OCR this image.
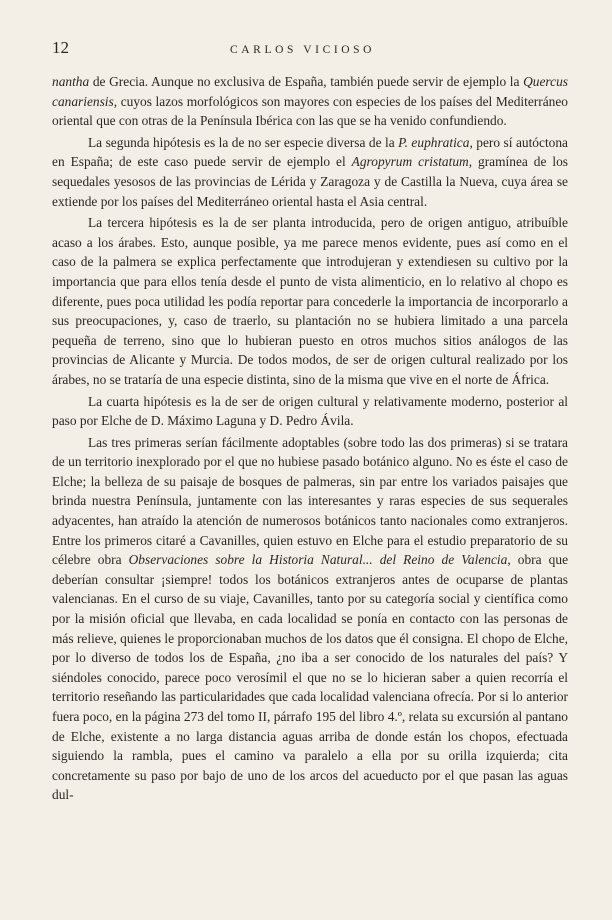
12	CARLOS VICIOSO

nantha de Grecia. Aunque no exclusiva de España, también puede servir de ejemplo la Quercus canariensis, cuyos lazos morfológicos son mayores con especies de los países del Mediterráneo oriental que con otras de la Península Ibérica con las que se ha venido confundiendo.

La segunda hipótesis es la de no ser especie diversa de la P. euphratica, pero sí autóctona en España; de este caso puede servir de ejemplo el Agropyrum cristatum, gramínea de los sequedales yesosos de las provincias de Lérida y Zaragoza y de Castilla la Nueva, cuya área se extiende por los países del Mediterráneo oriental hasta el Asia central.

La tercera hipótesis es la de ser planta introducida, pero de origen antiguo, atribuíble acaso a los árabes. Esto, aunque posible, ya me parece menos evidente, pues así como en el caso de la palmera se explica perfectamente que introdujeran y extendiesen su cultivo por la importancia que para ellos tenía desde el punto de vista alimenticio, en lo relativo al chopo es diferente, pues poca utilidad les podía reportar para concederle la importancia de incorporarlo a sus preocupaciones, y, caso de traerlo, su plantación no se hubiera limitado a una parcela pequeña de terreno, sino que lo hubieran puesto en otros muchos sitios análogos de las provincias de Alicante y Murcia. De todos modos, de ser de origen cultural realizado por los árabes, no se trataría de una especie distinta, sino de la misma que vive en el norte de África.

La cuarta hipótesis es la de ser de origen cultural y relativamente moderno, posterior al paso por Elche de D. Máximo Laguna y D. Pedro Ávila.

Las tres primeras serían fácilmente adoptables (sobre todo las dos primeras) si se tratara de un territorio inexplorado por el que no hubiese pasado botánico alguno. No es éste el caso de Elche; la belleza de su paisaje de bosques de palmeras, sin par entre los variados paisajes que brinda nuestra Península, juntamente con las interesantes y raras especies de sus sequerales adyacentes, han atraído la atención de numerosos botánicos tanto nacionales como extranjeros. Entre los primeros citaré a Cavanilles, quien estuvo en Elche para el estudio preparatorio de su célebre obra Observaciones sobre la Historia Natural... del Reino de Valencia, obra que deberían consultar ¡siempre! todos los botánicos extranjeros antes de ocuparse de plantas valencianas. En el curso de su viaje, Cavanilles, tanto por su categoría social y científica como por la misión oficial que llevaba, en cada localidad se ponía en contacto con las personas de más relieve, quienes le proporcionaban muchos de los datos que él consigna. El chopo de Elche, por lo diverso de todos los de España, ¿no iba a ser conocido de los naturales del país? Y siéndoles conocido, parece poco verosímil el que no se lo hicieran saber a quien recorría el territorio reseñando las particularidades que cada localidad valenciana ofrecía. Por si lo anterior fuera poco, en la página 273 del tomo II, párrafo 195 del libro 4.º, relata su excursión al pantano de Elche, existente a no larga distancia aguas arriba de donde están los chopos, efectuada siguiendo la rambla, pues el camino va paralelo a ella por su orilla izquierda; cita concretamente su paso por bajo de uno de los arcos del acueducto por el que pasan las aguas dul-
